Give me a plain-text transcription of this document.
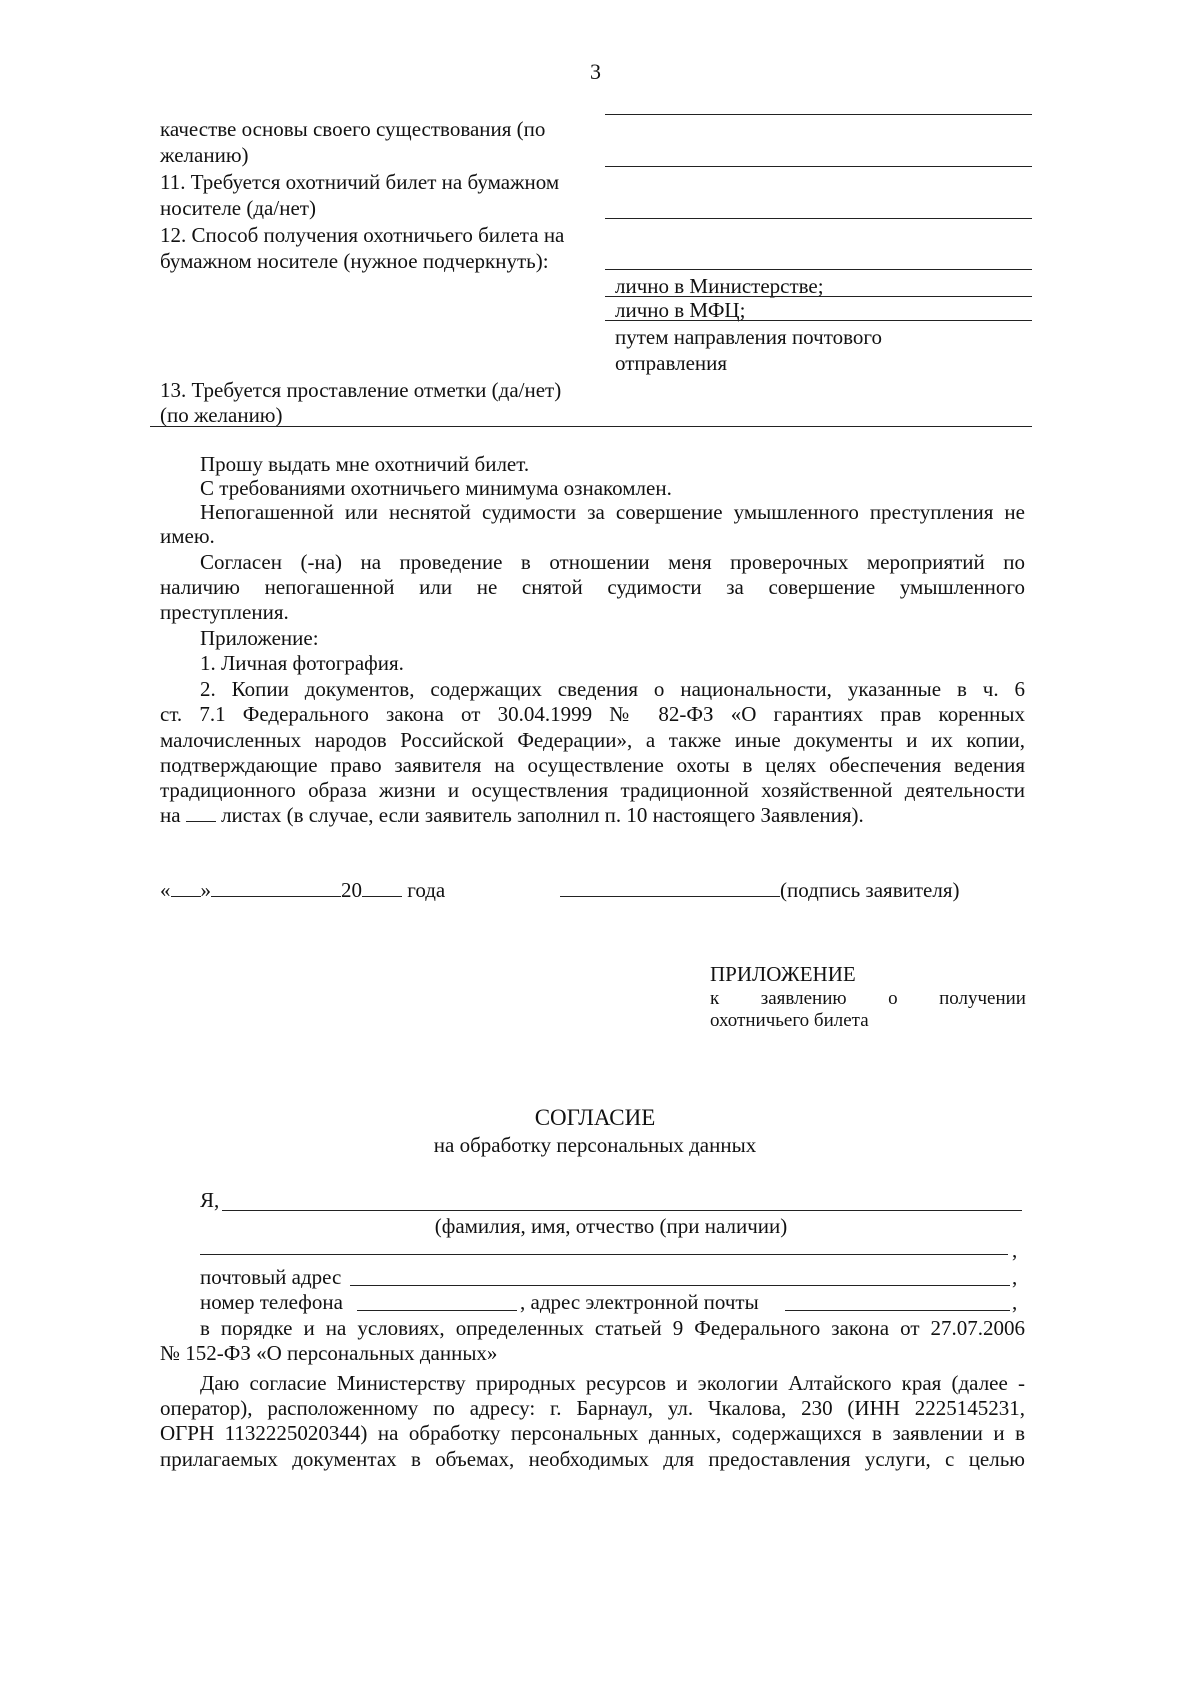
3
качестве основы своего существования (по
желанию)
11. Требуется охотничий билет на бумажном
носителе (да/нет)
12. Способ получения охотничьего билета на
бумажном носителе (нужное подчеркнуть):
лично в Министерстве;
лично в МФЦ;
путем направления почтового
отправления
13. Требуется проставление отметки (да/нет)
(по желанию)
Прошу выдать мне охотничий билет.
С требованиями охотничьего минимума ознакомлен.
Непогашенной или неснятой судимости за совершение умышленного преступления не
имею.
Согласен (-на) на проведение в отношении меня проверочных мероприятий по
наличию непогашенной или не снятой судимости за совершение умышленного
преступления.
Приложение:
1. Личная фотография.
2. Копии документов, содержащих сведения о национальности, указанные в ч. 6
ст. 7.1 Федерального закона от 30.04.1999 № 82-ФЗ «О гарантиях прав коренных
малочисленных народов Российской Федерации», а также иные документы и их копии,
подтверждающие право заявителя на осуществление охоты в целях обеспечения ведения
традиционного образа жизни и осуществления традиционной хозяйственной деятельности
на листах (в случае, если заявитель заполнил п. 10 настоящего Заявления).
« »	20 года	(подпись заявителя)
ПРИЛОЖЕНИЕ
к заявлению о получении
охотничьего билета
СОГЛАСИЕ
на обработку персональных данных
Я,
(фамилия, имя, отчество (при наличии)
,
почтовый адрес	,
номер телефона	, адрес электронной почты	,
в порядке и на условиях, определенных статьей 9 Федерального закона от 27.07.2006
№ 152-ФЗ «О персональных данных»
Даю согласие Министерству природных ресурсов и экологии Алтайского края (далее -
оператор), расположенному по адресу: г. Барнаул, ул. Чкалова, 230 (ИНН 2225145231,
ОГРН 1132225020344) на обработку персональных данных, содержащихся в заявлении и в
прилагаемых документах в объемах, необходимых для предоставления услуги, с целью
